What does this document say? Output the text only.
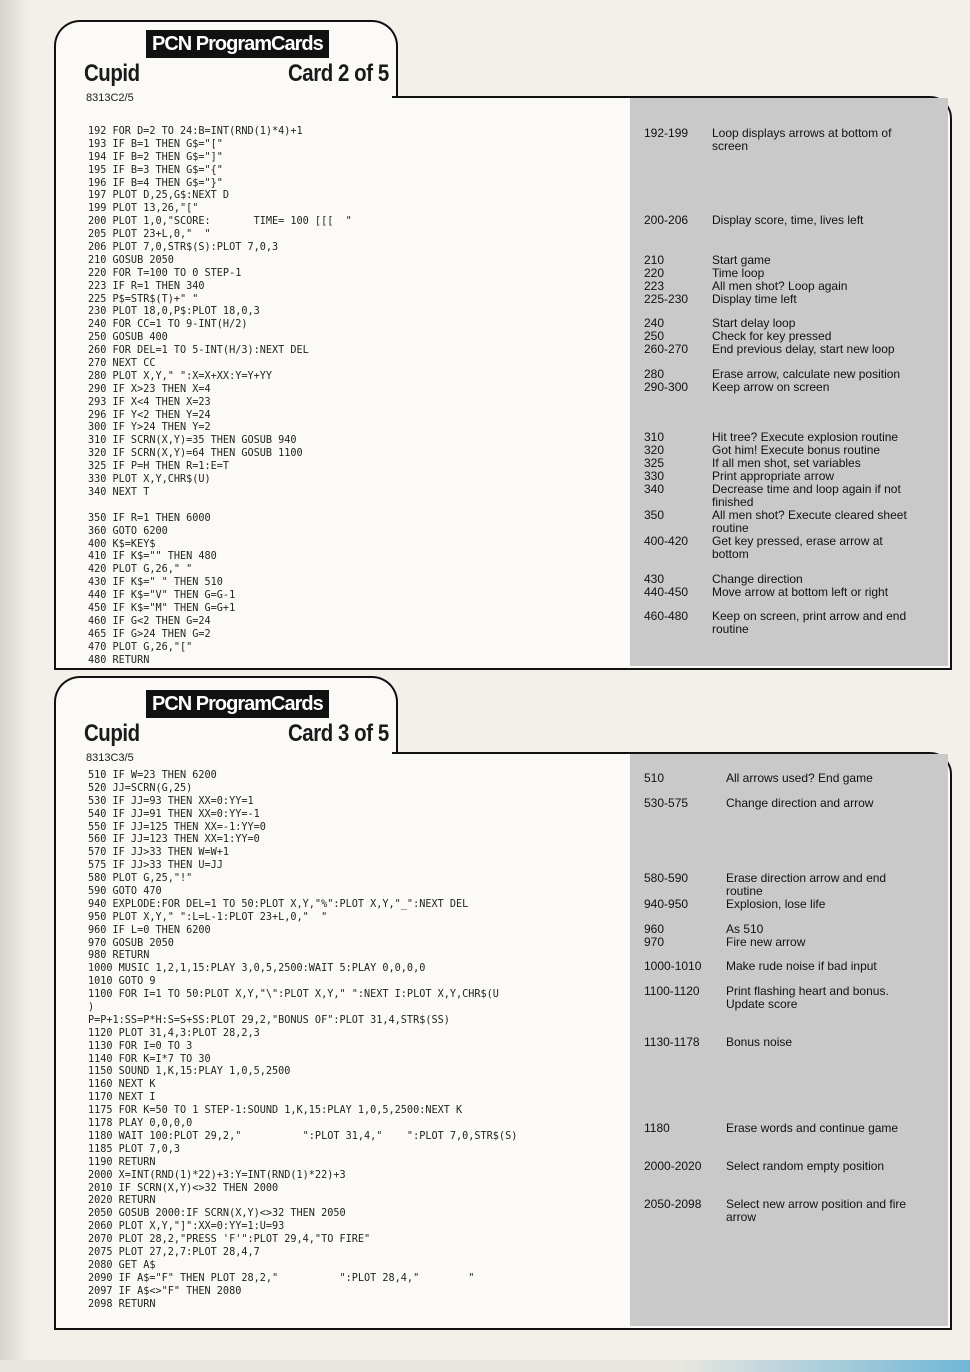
PCN ProgramCards
Cupid	Card 2 of 5
8313C2/5
192 FOR D=2 TO 24:B=INT(RND(1)*4)+1
193 IF B=1 THEN G$="["
194 IF B=2 THEN G$="]"
195 IF B=3 THEN G$="{"
196 IF B=4 THEN G$="}"
197 PLOT D,25,G$:NEXT D
199 PLOT 13,26,"["
200 PLOT 1,0,"SCORE:       TIME= 100 [[[  "
205 PLOT 23+L,0,"  "
206 PLOT 7,0,STR$(S):PLOT 7,0,3
210 GOSUB 2050
220 FOR T=100 TO 0 STEP-1
223 IF R=1 THEN 340
225 P$=STR$(T)+" "
230 PLOT 18,0,P$:PLOT 18,0,3
240 FOR CC=1 TO 9-INT(H/2)
250 GOSUB 400
260 FOR DEL=1 TO 5-INT(H/3):NEXT DEL
270 NEXT CC
280 PLOT X,Y," ":X=X+XX:Y=Y+YY
290 IF X>23 THEN X=4
293 IF X<4 THEN X=23
296 IF Y<2 THEN Y=24
300 IF Y>24 THEN Y=2
310 IF SCRN(X,Y)=35 THEN GOSUB 940
320 IF SCRN(X,Y)=64 THEN GOSUB 1100
325 IF P=H THEN R=1:E=T
330 PLOT X,Y,CHR$(U)
340 NEXT T
350 IF R=1 THEN 6000
360 GOTO 6200
400 K$=KEY$
410 IF K$="" THEN 480
420 PLOT G,26," "
430 IF K$=" " THEN 510
440 IF K$="V" THEN G=G-1
450 IF K$="M" THEN G=G+1
460 IF G<2 THEN G=24
465 IF G>24 THEN G=2
470 PLOT G,26,"["
480 RETURN
192-199 Loop displays arrows at bottom of screen
200-206 Display score, time, lives left
210	Start game
220	Time loop
223	All men shot? Loop again
225-230 Display time left
240	Start delay loop
250	Check for key pressed
260-270 End previous delay, start new loop
280	Erase arrow, calculate new position
290-300 Keep arrow on screen
310	Hit tree? Execute explosion routine
320	Got him! Execute bonus routine
325	If all men shot, set variables
330	Print appropriate arrow
340	Decrease time and loop again if not finished
350	All men shot? Execute cleared sheet routine
400-420 Get key pressed, erase arrow at bottom
430	Change direction
440-450 Move arrow at bottom left or right
460-480 Keep on screen, print arrow and end routine
PCN ProgramCards
Cupid	Card 3 of 5
8313C3/5
510 IF W=23 THEN 6200
520 JJ=SCRN(G,25)
530 IF JJ=93 THEN XX=0:YY=1
540 IF JJ=91 THEN XX=0:YY=-1
550 IF JJ=125 THEN XX=-1:YY=0
560 IF JJ=123 THEN XX=1:YY=0
570 IF JJ>33 THEN W=W+1
575 IF JJ>33 THEN U=JJ
580 PLOT G,25,"!"
590 GOTO 470
940 EXPLODE:FOR DEL=1 TO 50:PLOT X,Y,"%":PLOT X,Y,"_":NEXT DEL
950 PLOT X,Y," ":L=L-1:PLOT 23+L,0,"  "
960 IF L=0 THEN 6200
970 GOSUB 2050
980 RETURN
1000 MUSIC 1,2,1,15:PLAY 3,0,5,2500:WAIT 5:PLAY 0,0,0,0
1010 GOTO 9
1100 FOR I=1 TO 50:PLOT X,Y,"\":PLOT X,Y," ":NEXT I:PLOT X,Y,CHR$(U
)
P=P+1:SS=P*H:S=S+SS:PLOT 29,2,"BONUS OF":PLOT 31,4,STR$(SS)
1120 PLOT 31,4,3:PLOT 28,2,3
1130 FOR I=0 TO 3
1140 FOR K=I*7 TO 30
1150 SOUND 1,K,15:PLAY 1,0,5,2500
1160 NEXT K
1170 NEXT I
1175 FOR K=50 TO 1 STEP-1:SOUND 1,K,15:PLAY 1,0,5,2500:NEXT K
1178 PLAY 0,0,0,0
1180 WAIT 100:PLOT 29,2,"          ":PLOT 31,4,"    ":PLOT 7,0,STR$(S)
1185 PLOT 7,0,3
1190 RETURN
2000 X=INT(RND(1)*22)+3:Y=INT(RND(1)*22)+3
2010 IF SCRN(X,Y)<>32 THEN 2000
2020 RETURN
2050 GOSUB 2000:IF SCRN(X,Y)<>32 THEN 2050
2060 PLOT X,Y,"]":XX=0:YY=1:U=93
2070 PLOT 28,2,"PRESS 'F'":PLOT 29,4,"TO FIRE"
2075 PLOT 27,2,7:PLOT 28,4,7
2080 GET A$
2090 IF A$="F" THEN PLOT 28,2,"          ":PLOT 28,4,"        "
2097 IF A$<>"F" THEN 2080
2098 RETURN
510	All arrows used? End game
530-575	Change direction and arrow
580-590	Erase direction arrow and end routine
940-950	Explosion, lose life
960	As 510
970	Fire new arrow
1000-1010 Make rude noise if bad input
1100-1120 Print flashing heart and bonus. Update score
1130-1178 Bonus noise
1180	Erase words and continue game
2000-2020 Select random empty position
2050-2098 Select new arrow position and fire arrow
